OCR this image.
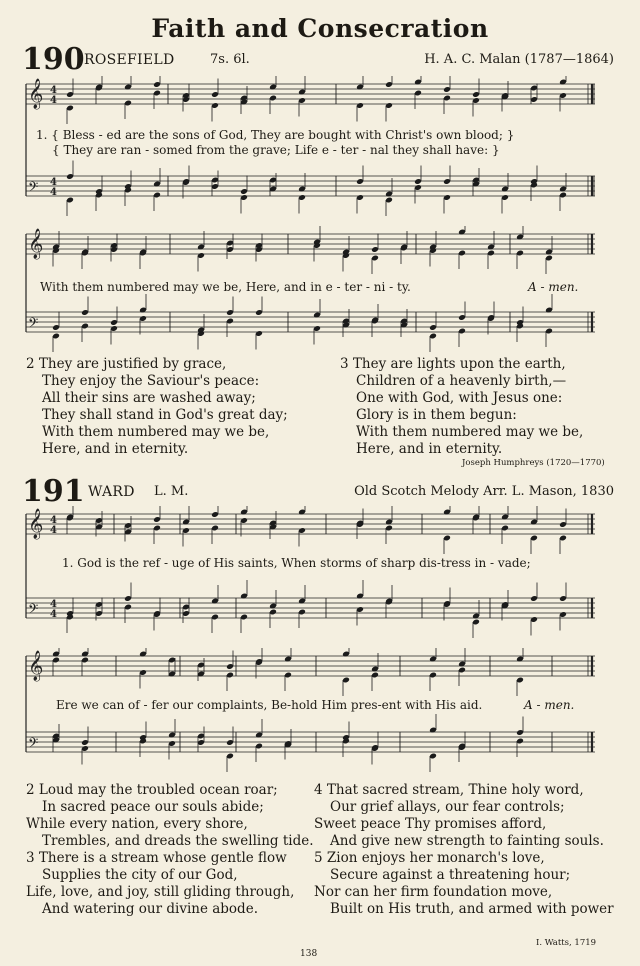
Faith and Consecration
190 ROSEFIELD	7s. 6l.	H. A. C. Malan (1787—1864)
𝄞 4
4
𝄢 4
4
1. { Bless - ed are the sons of God, They are bought with Christ's own blood; }
{ They are ran - somed from the grave; Life e - ter - nal they shall have: }
𝄞
𝄢
With them numbered may we be, Here, and in e - ter - ni - ty.	A - men.

2 They are justified by grace,

They enjoy the Saviour's peace:

All their sins are washed away;

They shall stand in God's great day;

With them numbered may we be,

Here, and in eternity.

3 They are lights upon the earth,

Children of a heavenly birth,—

One with God, with Jesus one:

Glory is in them begun:

With them numbered may we be,

Here, and in eternity.

Joseph Humphreys (1720—1770)
191 WARD L. M.	Old Scotch Melody Arr. L. Mason, 1830
𝄞 4
4
𝄢 4
4
1. God is the ref - uge of His saints, When storms of sharp dis-tress in - vade;
𝄞
𝄢
Ere we can of - fer our complaints, Be-hold Him pres-ent with His aid.	A - men.

2 Loud may the troubled ocean roar;

In sacred peace our souls abide;

While every nation, every shore,

Trembles, and dreads the swelling tide.

3 There is a stream whose gentle flow

Supplies the city of our God,

Life, love, and joy, still gliding through,

And watering our divine abode.

4 That sacred stream, Thine holy word,

Our grief allays, our fear controls;

Sweet peace Thy promises afford,

And give new strength to fainting souls.

5 Zion enjoys her monarch's love,

Secure against a threatening hour;

Nor can her firm foundation move,

Built on His truth, and armed with power

I. Watts, 1719
138
